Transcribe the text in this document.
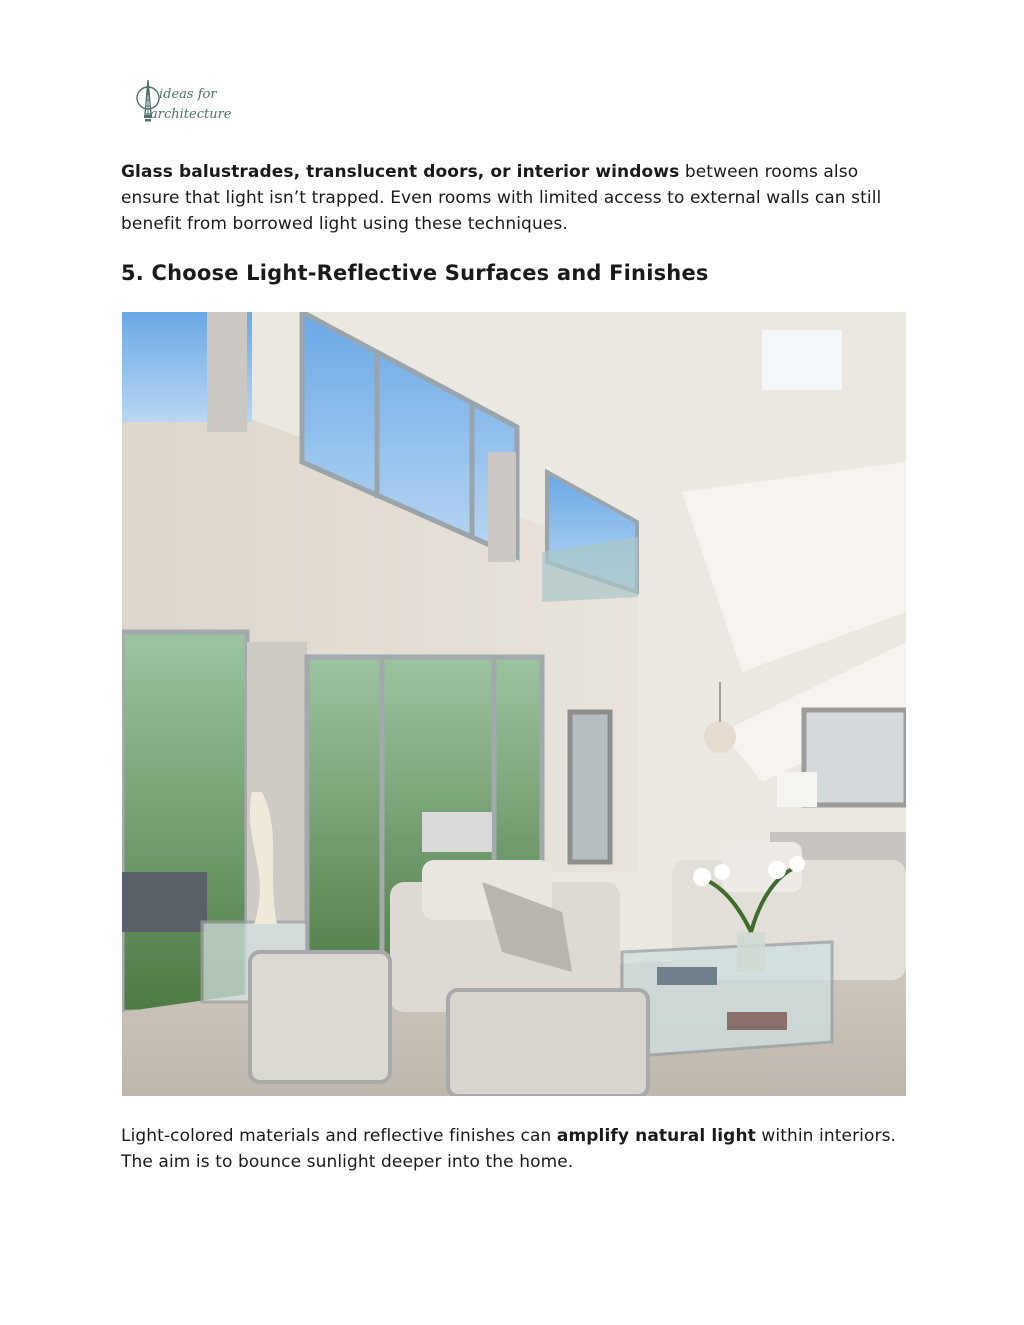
ideas for
architecture

Glass balustrades, translucent doors, or interior windows between rooms also ensure that light isn’t trapped. Even rooms with limited access to external walls can still benefit from borrowed light using these techniques.

5. Choose Light-Reflective Surfaces and Finishes

Light-colored materials and reflective finishes can amplify natural light within interiors. The aim is to bounce sunlight deeper into the home.
